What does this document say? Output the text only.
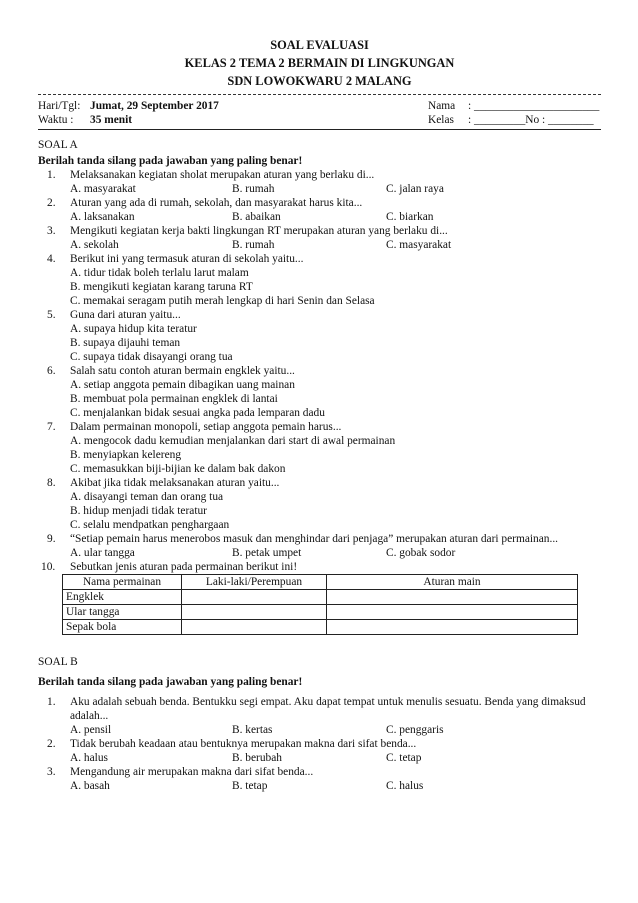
SOAL EVALUASI
KELAS 2 TEMA 2 BERMAIN DI LINGKUNGAN
SDN LOWOKWARU 2 MALANG
Hari/Tgl: Jumat, 29 September 2017	Nama : ______________________
Waktu : 35 menit	Kelas : _________No : ________
SOAL A
Berilah tanda silang pada jawaban yang paling benar!
1.	Melaksanakan kegiatan sholat merupakan aturan yang berlaku di...
A. masyarakat	B. rumah	C. jalan raya
2.	Aturan yang ada di rumah, sekolah, dan masyarakat harus kita...
A. laksanakan	B. abaikan	C. biarkan
3.	Mengikuti kegiatan kerja bakti lingkungan RT merupakan aturan yang berlaku di...
A. sekolah	B. rumah	C. masyarakat
4.	Berikut ini yang termasuk aturan di sekolah yaitu...
A. tidur tidak boleh terlalu larut malam
B. mengikuti kegiatan karang taruna RT
C. memakai seragam putih merah lengkap di hari Senin dan Selasa
5.	Guna dari aturan yaitu...
A. supaya hidup kita teratur
B. supaya dijauhi teman
C. supaya tidak disayangi orang tua
6.	Salah satu contoh aturan bermain engklek yaitu...
A. setiap anggota pemain dibagikan uang mainan
B. membuat pola permainan engklek di lantai
C. menjalankan bidak sesuai angka pada lemparan dadu
7.	Dalam permainan monopoli, setiap anggota pemain harus...
A. mengocok dadu kemudian menjalankan dari start di awal permainan
B. menyiapkan kelereng
C. memasukkan biji-bijian ke dalam bak dakon
8.	Akibat jika tidak melaksanakan aturan yaitu...
A. disayangi teman dan orang tua
B. hidup menjadi tidak teratur
C. selalu mendpatkan penghargaan
9.	“Setiap pemain harus menerobos masuk dan menghindar dari penjaga” merupakan aturan dari permainan...
A. ular tangga	B. petak umpet	C. gobak sodor
10.	Sebutkan jenis aturan pada permainan berikut ini!
Nama permainan	Laki-laki/Perempuan	Aturan main
Engklek		
Ular tangga		
Sepak bola		
SOAL B
Berilah tanda silang pada jawaban yang paling benar!
1.	Aku adalah sebuah benda. Bentukku segi empat. Aku dapat tempat untuk menulis sesuatu. Benda yang dimaksud adalah...
A. pensil	B. kertas	C. penggaris
2.	Tidak berubah keadaan atau bentuknya merupakan makna dari sifat benda...
A. halus	B. berubah	C. tetap
3.	Mengandung air merupakan makna dari sifat benda...
A. basah	B. tetap	C. halus
